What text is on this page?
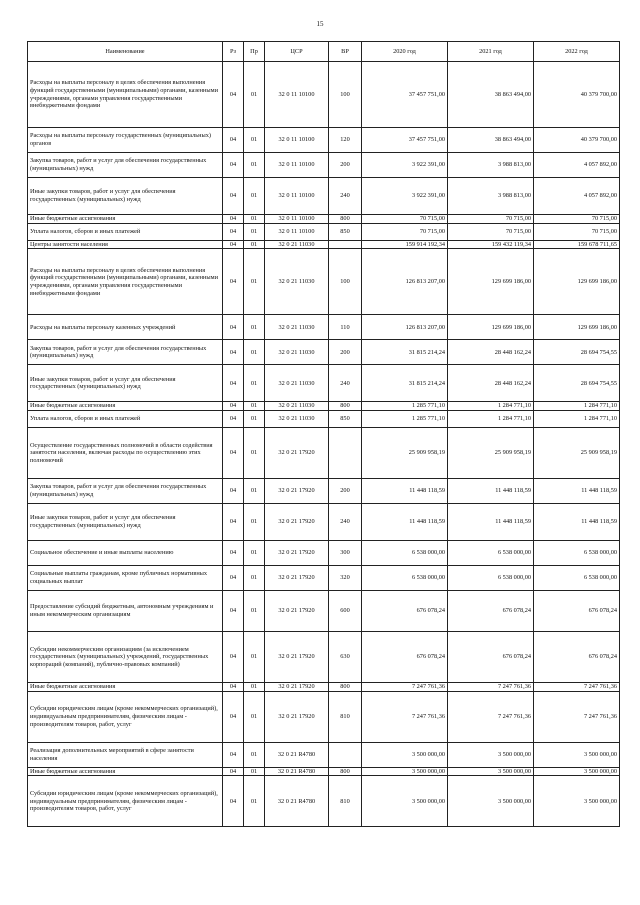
15
Наименование	Рз	Пр	ЦСР	ВР	2020 год	2021 год	2022 год
Расходы на выплаты персоналу в целях обеспечения выполнения функций государственными (муниципальными) органами, казенными учреждениями, органами управления государственными внебюджетными фондами	04	01	32 0 11 10100	100	37 457 751,00	38 863 494,00	40 379 700,00
Расходы на выплаты персоналу государственных (муниципальных) органов	04	01	32 0 11 10100	120	37 457 751,00	38 863 494,00	40 379 700,00
Закупка товаров, работ и услуг для обеспечения государственных (муниципальных) нужд	04	01	32 0 11 10100	200	3 922 391,00	3 988 813,00	4 057 892,00
Иные закупки товаров, работ и услуг для обеспечения государственных (муниципальных) нужд	04	01	32 0 11 10100	240	3 922 391,00	3 988 813,00	4 057 892,00
Иные бюджетные ассигнования	04	01	32 0 11 10100	800	70 715,00	70 715,00	70 715,00
Уплата налогов, сборов и иных платежей	04	01	32 0 11 10100	850	70 715,00	70 715,00	70 715,00
Центры занятости населения	04	01	32 0 21 11030		159 914 192,34	159 432 119,34	159 678 711,65
Расходы на выплаты персоналу в целях обеспечения выполнения функций государственными (муниципальными) органами, казенными учреждениями, органами управления государственными внебюджетными фондами	04	01	32 0 21 11030	100	126 813 207,00	129 699 186,00	129 699 186,00
Расходы на выплаты персоналу казенных учреждений	04	01	32 0 21 11030	110	126 813 207,00	129 699 186,00	129 699 186,00
Закупка товаров, работ и услуг для обеспечения государственных (муниципальных) нужд	04	01	32 0 21 11030	200	31 815 214,24	28 448 162,24	28 694 754,55
Иные закупки товаров, работ и услуг для обеспечения государственных (муниципальных) нужд	04	01	32 0 21 11030	240	31 815 214,24	28 448 162,24	28 694 754,55
Иные бюджетные ассигнования	04	01	32 0 21 11030	800	1 285 771,10	1 284 771,10	1 284 771,10
Уплата налогов, сборов и иных платежей	04	01	32 0 21 11030	850	1 285 771,10	1 284 771,10	1 284 771,10
Осуществление государственных полномочий в области содействия занятости населения, включая расходы по осуществлению этих полномочий	04	01	32 0 21 17920		25 909 958,19	25 909 958,19	25 909 958,19
Закупка товаров, работ и услуг для обеспечения государственных (муниципальных) нужд	04	01	32 0 21 17920	200	11 448 118,59	11 448 118,59	11 448 118,59
Иные закупки товаров, работ и услуг для обеспечения государственных (муниципальных) нужд	04	01	32 0 21 17920	240	11 448 118,59	11 448 118,59	11 448 118,59
Социальное обеспечение и иные выплаты населению	04	01	32 0 21 17920	300	6 538 000,00	6 538 000,00	6 538 000,00
Социальные выплаты гражданам, кроме публичных нормативных социальных выплат	04	01	32 0 21 17920	320	6 538 000,00	6 538 000,00	6 538 000,00
Предоставление субсидий бюджетным, автономным учреждениям и иным некоммерческим организациям	04	01	32 0 21 17920	600	676 078,24	676 078,24	676 078,24
Субсидии некоммерческим организациям (за исключением государственных (муниципальных) учреждений, государственных корпораций (компаний), публично-правовых компаний)	04	01	32 0 21 17920	630	676 078,24	676 078,24	676 078,24
Иные бюджетные ассигнования	04	01	32 0 21 17920	800	7 247 761,36	7 247 761,36	7 247 761,36
Субсидии юридическим лицам (кроме некоммерческих организаций), индивидуальным предпринимателям, физическим лицам - производителям товаров, работ, услуг	04	01	32 0 21 17920	810	7 247 761,36	7 247 761,36	7 247 761,36
Реализация дополнительных мероприятий в сфере занятости населения	04	01	32 0 21 R4780		3 500 000,00	3 500 000,00	3 500 000,00
Иные бюджетные ассигнования	04	01	32 0 21 R4780	800	3 500 000,00	3 500 000,00	3 500 000,00
Субсидии юридическим лицам (кроме некоммерческих организаций), индивидуальным предпринимателям, физическим лицам - производителям товаров, работ, услуг	04	01	32 0 21 R4780	810	3 500 000,00	3 500 000,00	3 500 000,00
